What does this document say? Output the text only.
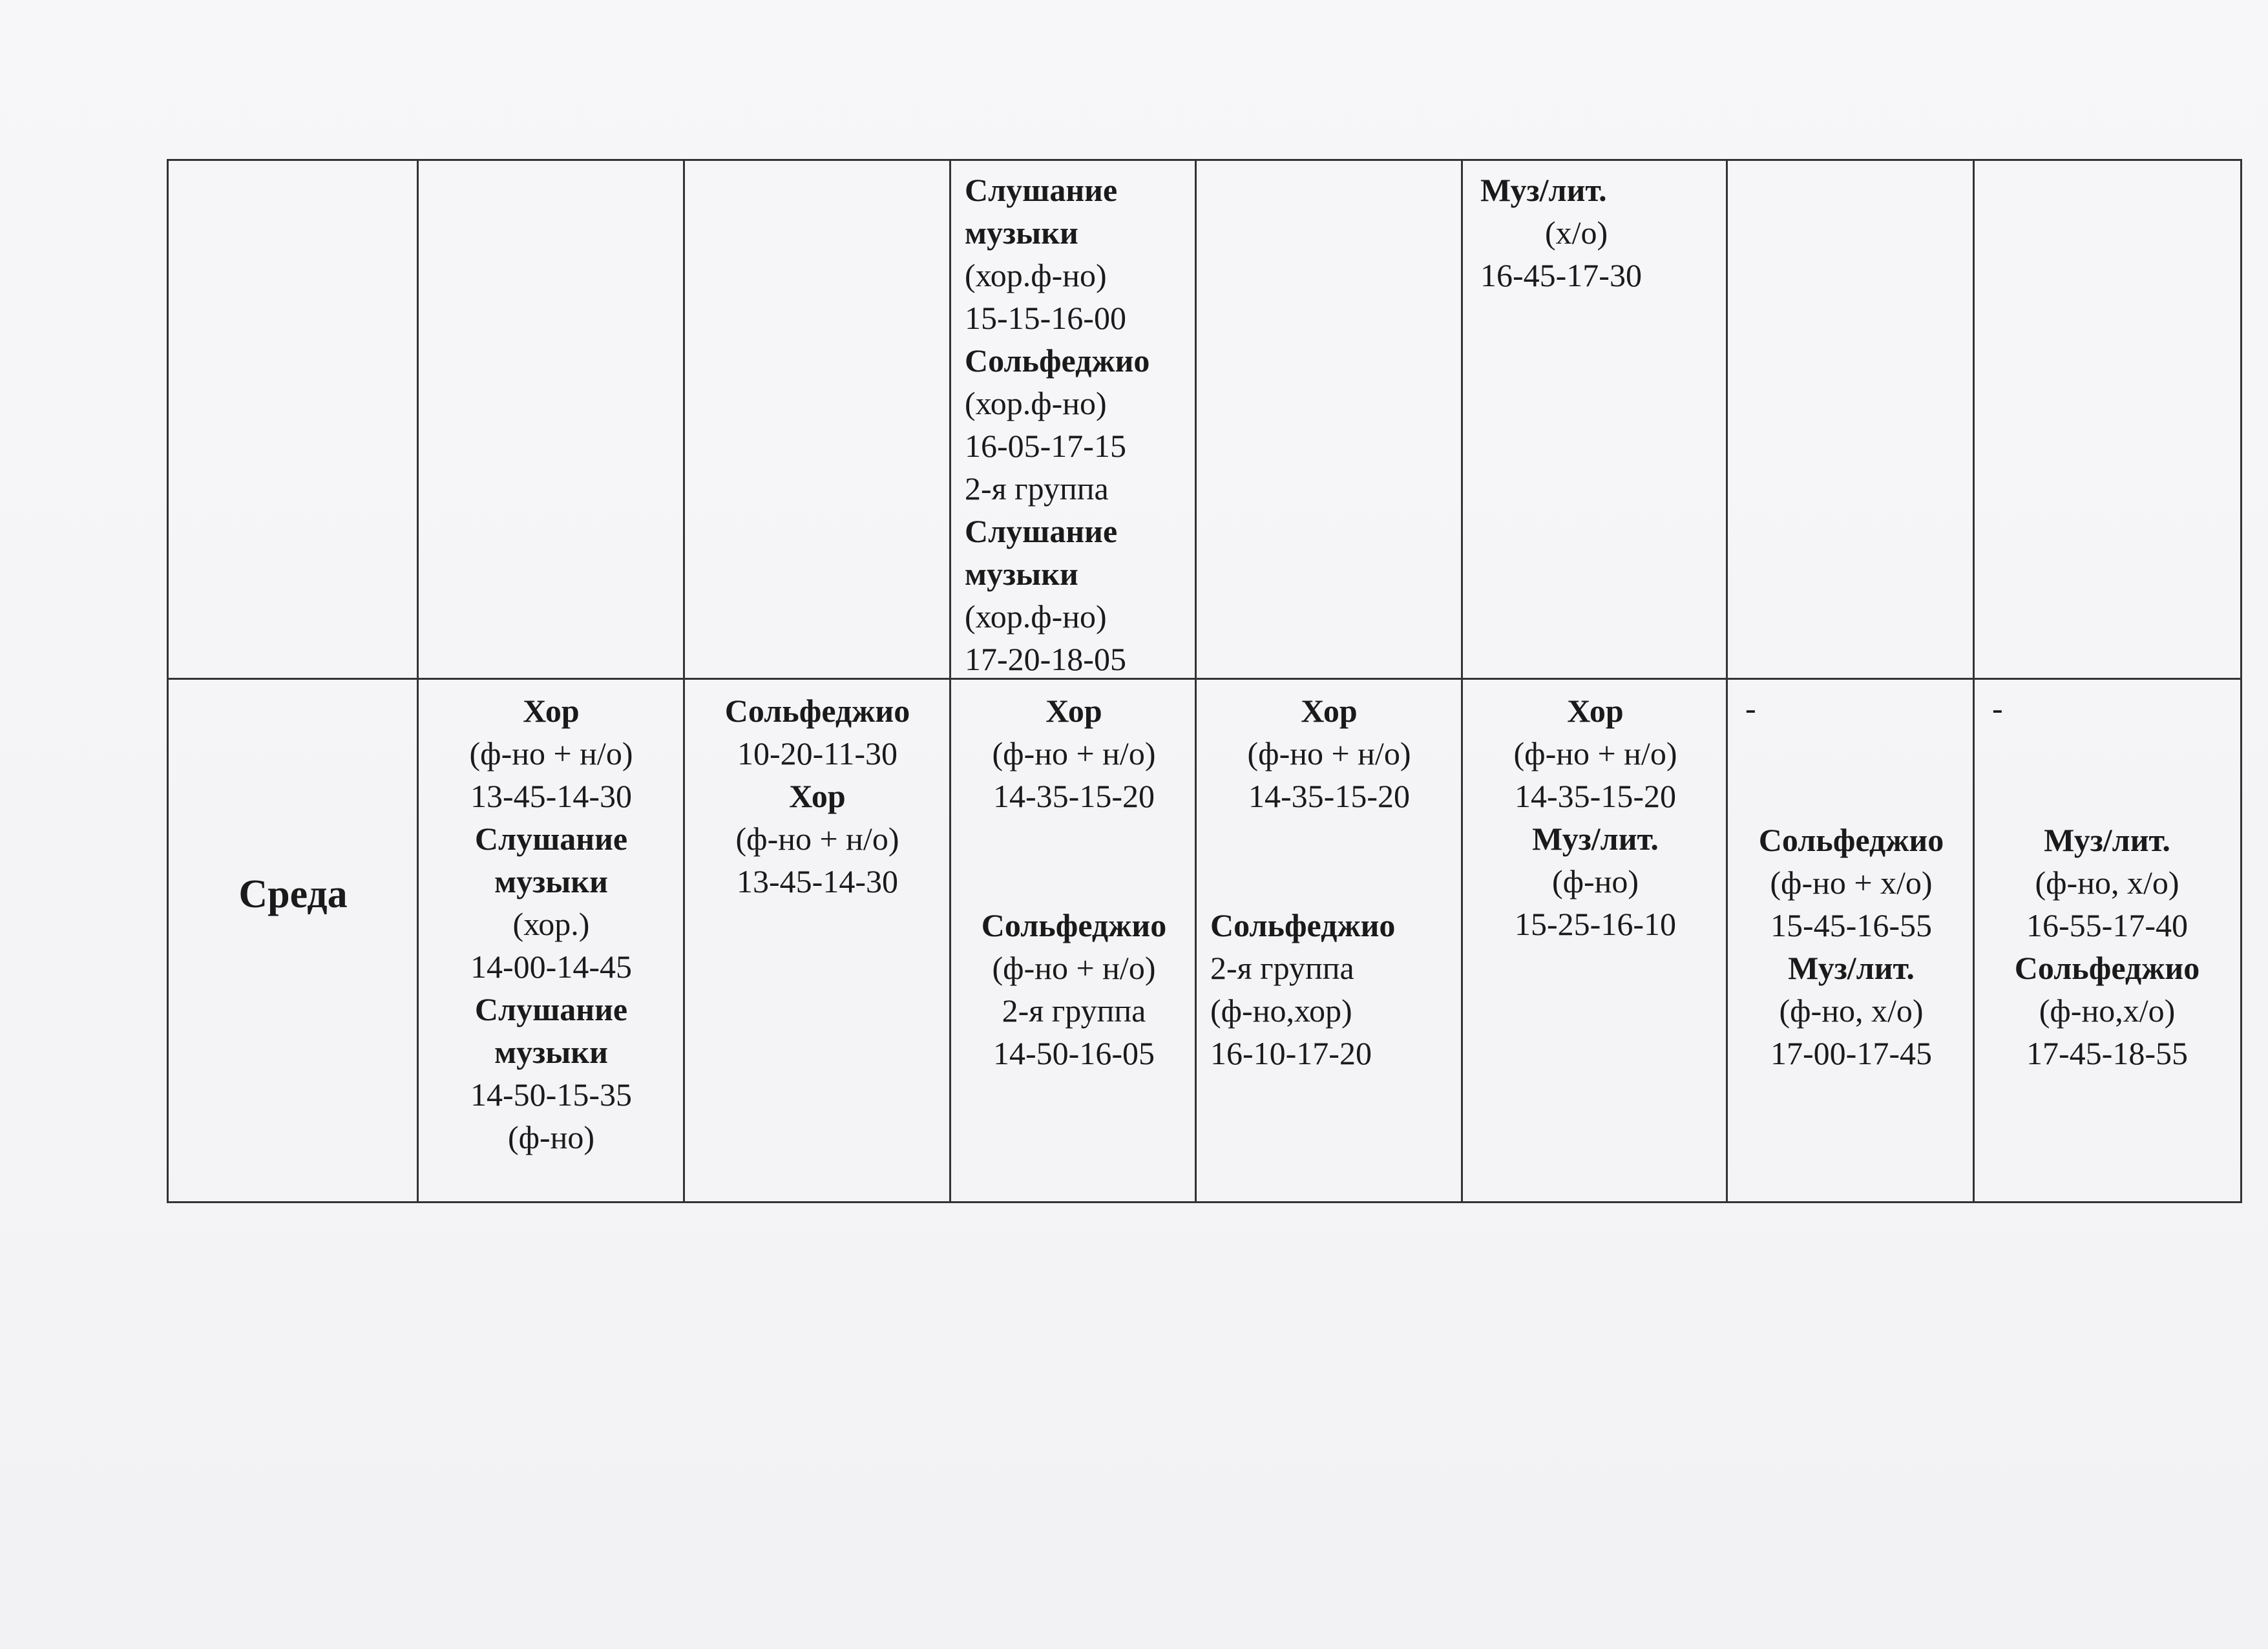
Слушание
музыки
(хор.ф-но)
15-15-16-00
Сольфеджио
(хор.ф-но)
16-05-17-15
2-я группа
Слушание
музыки
(хор.ф-но)
17-20-18-05
Муз/лит.
(х/о)
16-45-17-30
Среда
Хор
(ф-но + н/о)
13-45-14-30
Слушание
музыки
(хор.)
14-00-14-45
Слушание
музыки
14-50-15-35
(ф-но)
Сольфеджио
10-20-11-30
Хор
(ф-но + н/о)
13-45-14-30
Хор
(ф-но + н/о)
14-35-15-20
Сольфеджио
(ф-но + н/о)
2-я группа
14-50-16-05
Хор
(ф-но + н/о)
14-35-15-20
Сольфеджио
2-я группа
(ф-но,хор)
16-10-17-20
Хор
(ф-но + н/о)
14-35-15-20
Муз/лит.
(ф-но)
15-25-16-10
-
Сольфеджио
(ф-но + х/о)
15-45-16-55
Муз/лит.
(ф-но, х/о)
17-00-17-45
-
Муз/лит.
(ф-но, х/о)
16-55-17-40
Сольфеджио
(ф-но,х/о)
17-45-18-55
